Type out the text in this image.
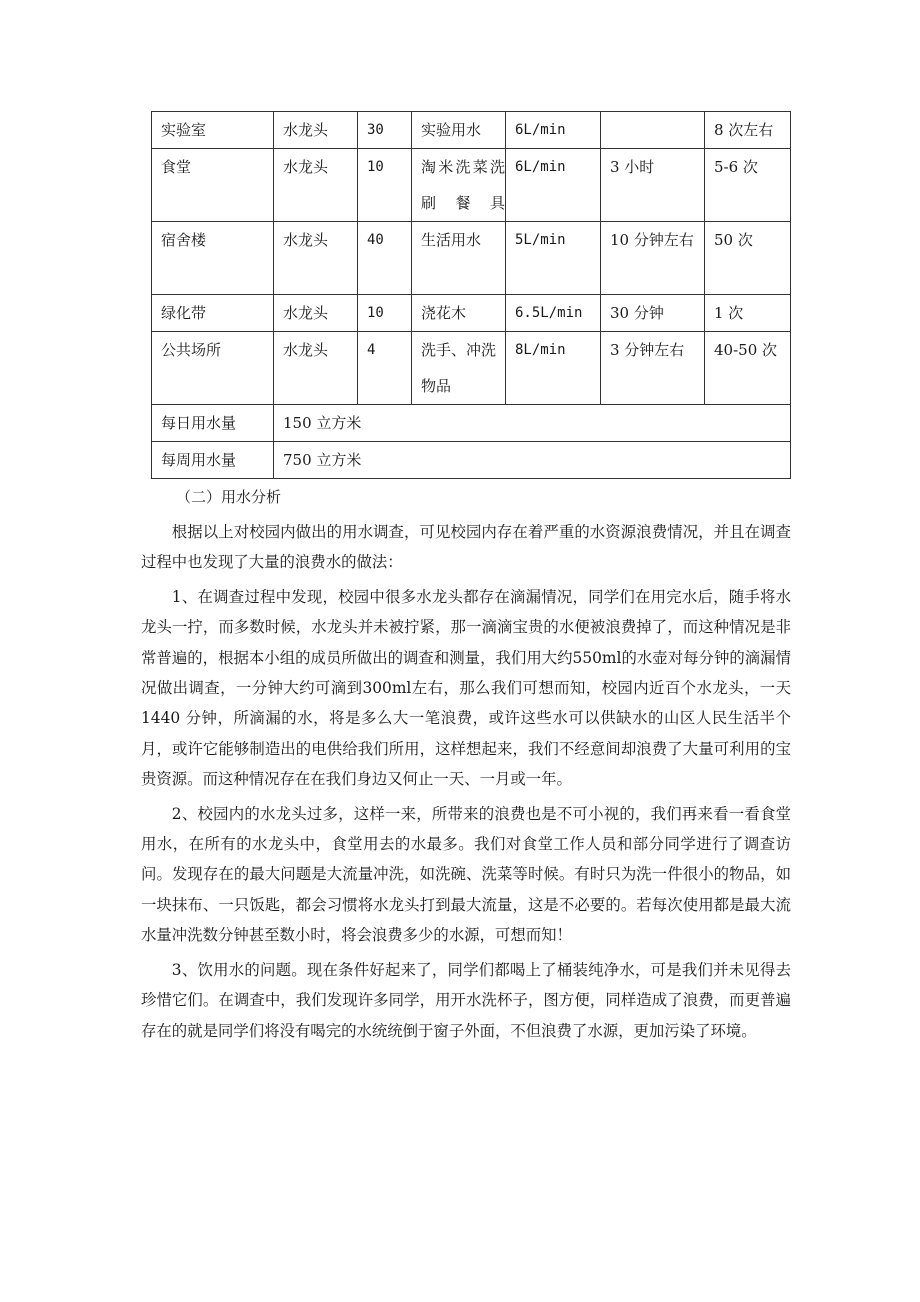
实验室	水龙头	30	实验用水	6L/min		8 次左右
食堂	水龙头	10	淘米洗菜洗刷餐具	6L/min	3 小时	5-6 次
宿舍楼	水龙头	40	生活用水	5L/min	10 分钟左右	50 次
绿化带	水龙头	10	浇花木	6.5L/min	30 分钟	1 次
公共场所	水龙头	4	洗手、冲洗物品	8L/min	3 分钟左右	40-50 次
每日用水量	150 立方米					
每周用水量	750 立方米					
（二）用水分析

根据以上对校园内做出的用水调查，可见校园内存在着严重的水资源浪费情况，并且在调查过程中也发现了大量的浪费水的做法：

1、在调查过程中发现，校园中很多水龙头都存在滴漏情况，同学们在用完水后，随手将水龙头一拧，而多数时候，水龙头并未被拧紧，那一滴滴宝贵的水便被浪费掉了，而这种情况是非常普遍的，根据本小组的成员所做出的调查和测量，我们用大约550ml的水壶对每分钟的滴漏情况做出调查，一分钟大约可滴到300ml左右，那么我们可想而知，校园内近百个水龙头，一天 1440 分钟，所滴漏的水，将是多么大一笔浪费，或许这些水可以供缺水的山区人民生活半个月，或许它能够制造出的电供给我们所用，这样想起来，我们不经意间却浪费了大量可利用的宝贵资源。而这种情况存在在我们身边又何止一天、一月或一年。

2、校园内的水龙头过多，这样一来，所带来的浪费也是不可小视的，我们再来看一看食堂用水，在所有的水龙头中，食堂用去的水最多。我们对食堂工作人员和部分同学进行了调查访问。发现存在的最大问题是大流量冲洗，如洗碗、洗菜等时候。有时只为洗一件很小的物品，如一块抹布、一只饭匙，都会习惯将水龙头打到最大流量，这是不必要的。若每次使用都是最大流水量冲洗数分钟甚至数小时，将会浪费多少的水源，可想而知！

3、饮用水的问题。现在条件好起来了，同学们都喝上了桶装纯净水，可是我们并未见得去珍惜它们。在调查中，我们发现许多同学，用开水洗杯子，图方便，同样造成了浪费，而更普遍存在的就是同学们将没有喝完的水统统倒于窗子外面，不但浪费了水源，更加污染了环境。
